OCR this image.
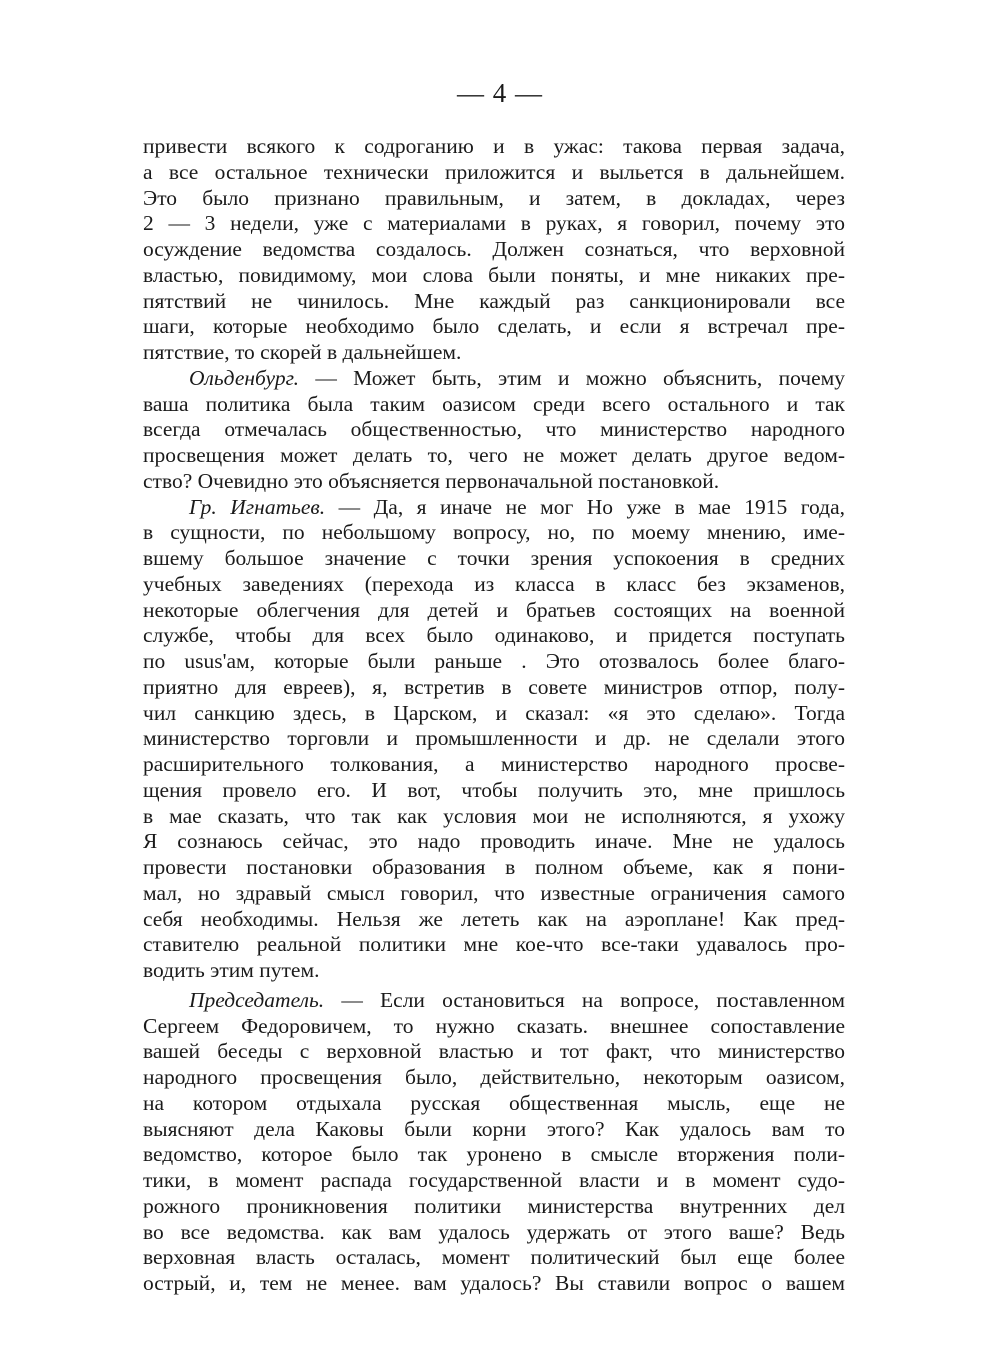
— 4 —
привести всякого к содроганию и в ужас: такова первая задача,
а все остальное технически приложится и выльется в дальнейшем.
Это было признано правильным, и затем, в докладах, через
2 — 3 недели, уже с материалами в руках, я говорил, почему это
осуждение ведомства создалось. Должен сознаться, что верховной
властью, повидимому, мои слова были поняты, и мне никаких пре-
пятствий не чинилось. Мне каждый раз санкционировали все
шаги, которые необходимо было сделать, и если я встречал пре-
пятствие, то скорей в дальнейшем.
Ольденбург. — Может быть, этим и можно объяснить, почему
ваша политика была таким оазисом среди всего остального и так
всегда отмечалась общественностью, что министерство народного
просвещения может делать то, чего не может делать другое ведом-
ство? Очевидно это объясняется первоначальной постановкой.
Гр. Игнатьев. — Да, я иначе не мог Но уже в мае 1915 года,
в сущности, по небольшому вопросу, но, по моему мнению, име-
вшему большое значение с точки зрения успокоения в средних
учебных заведениях (перехода из класса в класс без экзаменов,
некоторые облегчения для детей и братьев состоящих на военной
службе, чтобы для всех было одинаково, и придется поступать
по usus'ам, которые были раньше . Это отозвалось более благо-
приятно для евреев), я, встретив в совете министров отпор, полу-
чил санкцию здесь, в Царском, и сказал: «я это сделаю». Тогда
министерство торговли и промышленности и др. не сделали этого
расширительного толкования, а министерство народного просве-
щения провело его. И вот, чтобы получить это, мне пришлось
в мае сказать, что так как условия мои не исполняются, я ухожу
Я сознаюсь сейчас, это надо проводить иначе. Мне не удалось
провести постановки образования в полном объеме, как я пони-
мал, но здравый смысл говорил, что известные ограничения самого
себя необходимы. Нельзя же лететь как на аэроплане! Как пред-
ставителю реальной политики мне кое-что все-таки удавалось про-
водить этим путем.
Председатель. — Если остановиться на вопросе, поставленном
Сергеем Федоровичем, то нужно сказать. внешнее сопоставление
вашей беседы с верховной властью и тот факт, что министерство
народного просвещения было, действительно, некоторым оазисом,
на котором отдыхала русская общественная мысль, еще не
выясняют дела Каковы были корни этого? Как удалось вам то
ведомство, которое было так уронено в смысле вторжения поли-
тики, в момент распада государственной власти и в момент судо-
рожного проникновения политики министерства внутренних дел
во все ведомства. как вам удалось удержать от этого ваше? Ведь
верховная власть осталась, момент политический был еще более
острый, и, тем не менее. вам удалось? Вы ставили вопрос о вашем
